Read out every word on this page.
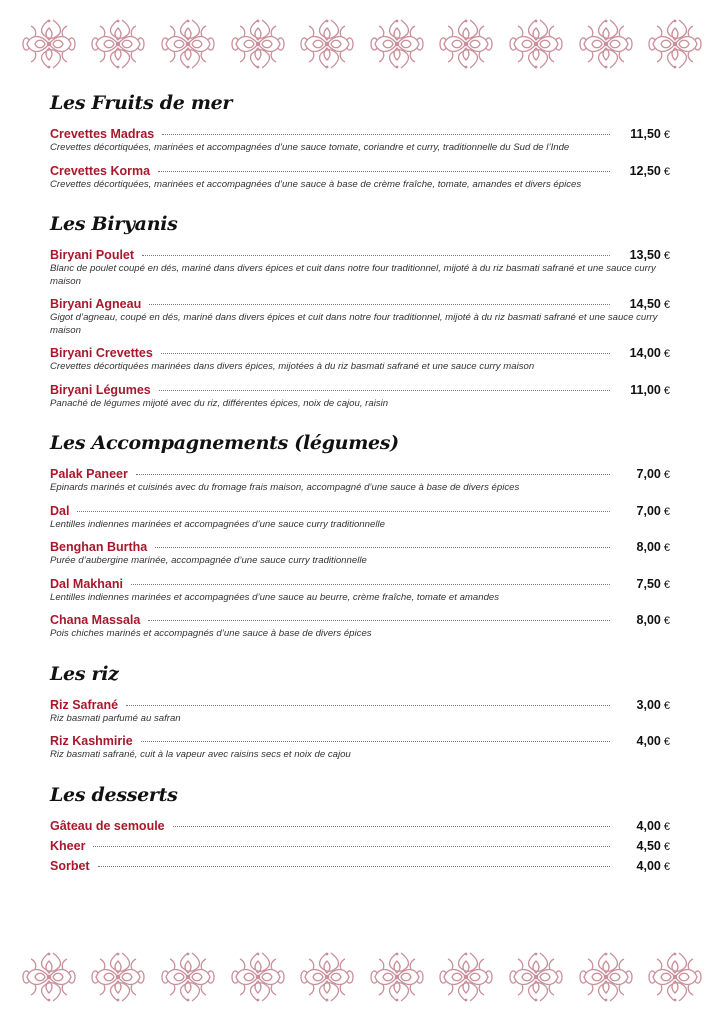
Les Fruits de mer
Crevettes Madras	11,50 €
Crevettes décortiquées, marinées et accompagnées d’une sauce tomate, coriandre et curry, traditionnelle du Sud de l’Inde
Crevettes Korma	12,50 €
Crevettes décortiquées, marinées et accompagnées d’une sauce à base de crème fraîche, tomate, amandes et divers épices
Les Biryanis
Biryani Poulet	13,50 €
Blanc de poulet coupé en dés, mariné dans divers épices et cuit dans notre four traditionnel, mijoté à du riz basmati safrané et une sauce curry maison
Biryani Agneau	14,50 €
Gigot d’agneau, coupé en dés, mariné dans divers épices et cuit dans notre four traditionnel, mijoté à du riz basmati safrané et une sauce curry maison
Biryani Crevettes	14,00 €
Crevettes décortiquées marinées dans divers épices, mijotées à du riz basmati safrané et une sauce curry maison
Biryani Légumes	11,00 €
Panaché de légumes mijoté avec du riz, différentes épices, noix de cajou, raisin
Les Accompagnements (légumes)
Palak Paneer	7,00 €
Epinards marinés et cuisinés avec du fromage frais maison, accompagné d’une sauce à base de divers épices
Dal	7,00 €
Lentilles indiennes marinées et accompagnées d’une sauce curry traditionnelle
Benghan Burtha	8,00 €
Purée d’aubergine marinée, accompagnée d’une sauce curry traditionnelle
Dal Makhani	7,50 €
Lentilles indiennes marinées et accompagnées d’une sauce au beurre, crème fraîche, tomate et amandes
Chana Massala	8,00 €
Pois chiches marinés et accompagnés d’une sauce à base de divers épices
Les riz
Riz Safrané	3,00 €
Riz basmati parfumé au safran
Riz Kashmirie	4,00 €
Riz basmati safrané, cuit à la vapeur avec raisins secs et noix de cajou
Les desserts
Gâteau de semoule	4,00 €
Kheer	4,50 €
Sorbet	4,00 €
